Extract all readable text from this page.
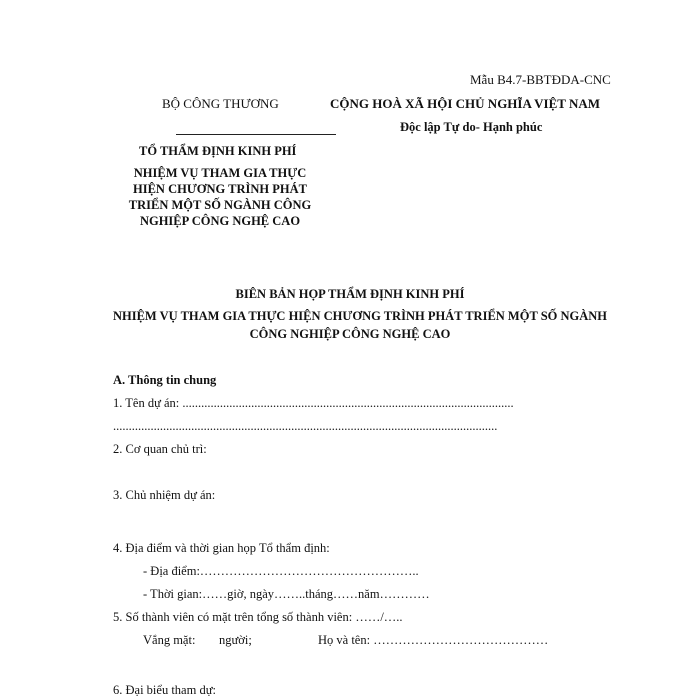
Mẫu B4.7-BBTĐDA-CNC
BỘ CÔNG THƯƠNG	CỘNG HOÀ XÃ HỘI CHỦ NGHĨA VIỆT NAM
Độc lập Tự do- Hạnh phúc
TỔ THẨM ĐỊNH KINH PHÍ
NHIỆM VỤ THAM GIA THỰC
HIỆN CHƯƠNG TRÌNH PHÁT
TRIỂN MỘT SỐ NGÀNH CÔNG
NGHIỆP CÔNG NGHỆ CAO
BIÊN BẢN HỌP THẨM ĐỊNH KINH PHÍ
NHIỆM VỤ THAM GIA THỰC HIỆN CHƯƠNG TRÌNH PHÁT TRIỂN MỘT SỐ NGÀNH
CÔNG NGHIỆP CÔNG NGHỆ CAO
A. Thông tin chung
1. Tên dự án: ..........................................................................................................
...........................................................................................................................
2. Cơ quan chủ trì:
3. Chủ nhiệm dự án:
4. Địa điểm và thời gian họp Tổ thẩm định:
- Địa điểm:……………………………………………..
- Thời gian:……giờ, ngày……..tháng……năm…………
5. Số thành viên có mặt trên tổng số thành viên: ……/…..
Vắng mặt: người;	Họ và tên: ……………………………………
6. Đại biểu tham dự:
